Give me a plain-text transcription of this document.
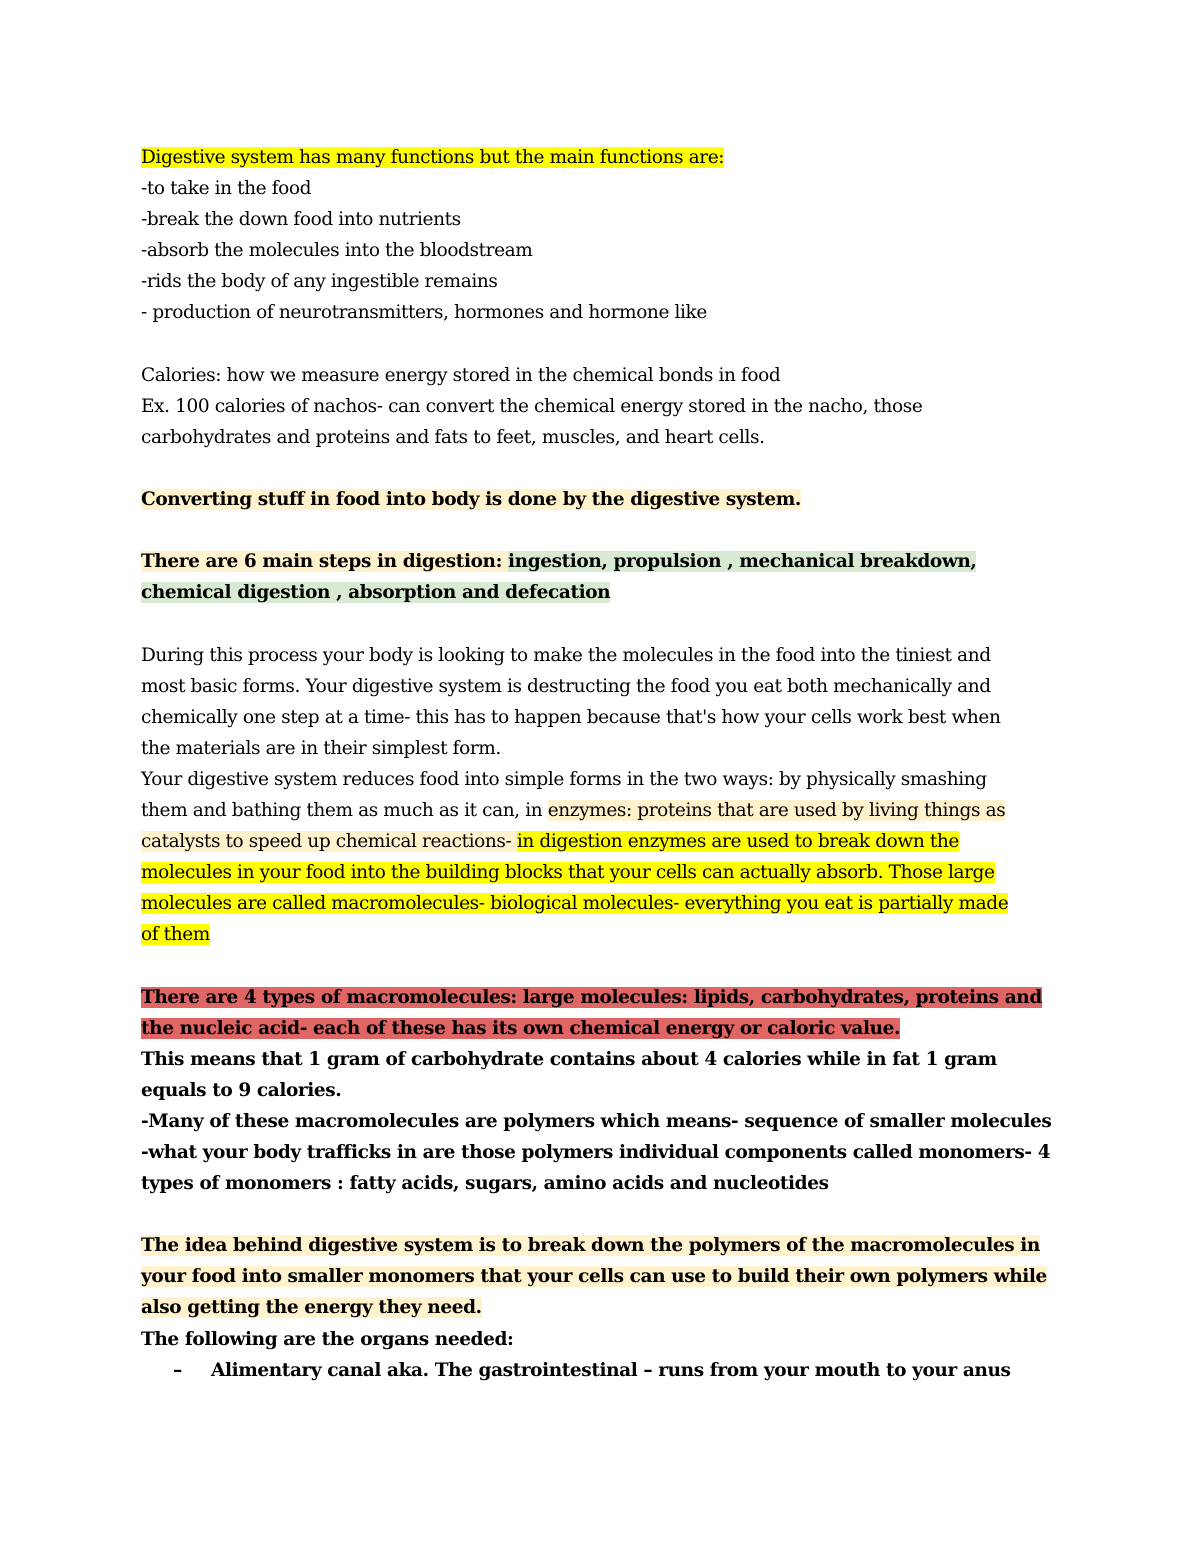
Digestive system has many functions but the main functions are:
-to take in the food
-break the down food into nutrients
-absorb the molecules into the bloodstream
-rids the body of any ingestible remains
- production of neurotransmitters, hormones and hormone like
Calories: how we measure energy stored in the chemical bonds in food
Ex. 100 calories of nachos- can convert the chemical energy stored in the nacho, those
carbohydrates and proteins and fats to feet, muscles, and heart cells.
Converting stuff in food into body is done by the digestive system.
There are 6 main steps in digestion: ingestion, propulsion , mechanical breakdown,
chemical digestion , absorption and defecation
During this process your body is looking to make the molecules in the food into the tiniest and
most basic forms. Your digestive system is destructing the food you eat both mechanically and
chemically one step at a time- this has to happen because that's how your cells work best when
the materials are in their simplest form.
Your digestive system reduces food into simple forms in the two ways: by physically smashing
them and bathing them as much as it can, in enzymes: proteins that are used by living things as
catalysts to speed up chemical reactions- in digestion enzymes are used to break down the
molecules in your food into the building blocks that your cells can actually absorb. Those large
molecules are called macromolecules- biological molecules- everything you eat is partially made
of them
There are 4 types of macromolecules: large molecules: lipids, carbohydrates, proteins and
the nucleic acid- each of these has its own chemical energy or caloric value.
This means that 1 gram of carbohydrate contains about 4 calories while in fat 1 gram
equals to 9 calories.
-Many of these macromolecules are polymers which means- sequence of smaller molecules
-what your body trafficks in are those polymers individual components called monomers- 4
types of monomers : fatty acids, sugars, amino acids and nucleotides
The idea behind digestive system is to break down the polymers of the macromolecules in
your food into smaller monomers that your cells can use to build their own polymers while
also getting the energy they need.
The following are the organs needed:
– Alimentary canal aka. The gastrointestinal – runs from your mouth to your anus
